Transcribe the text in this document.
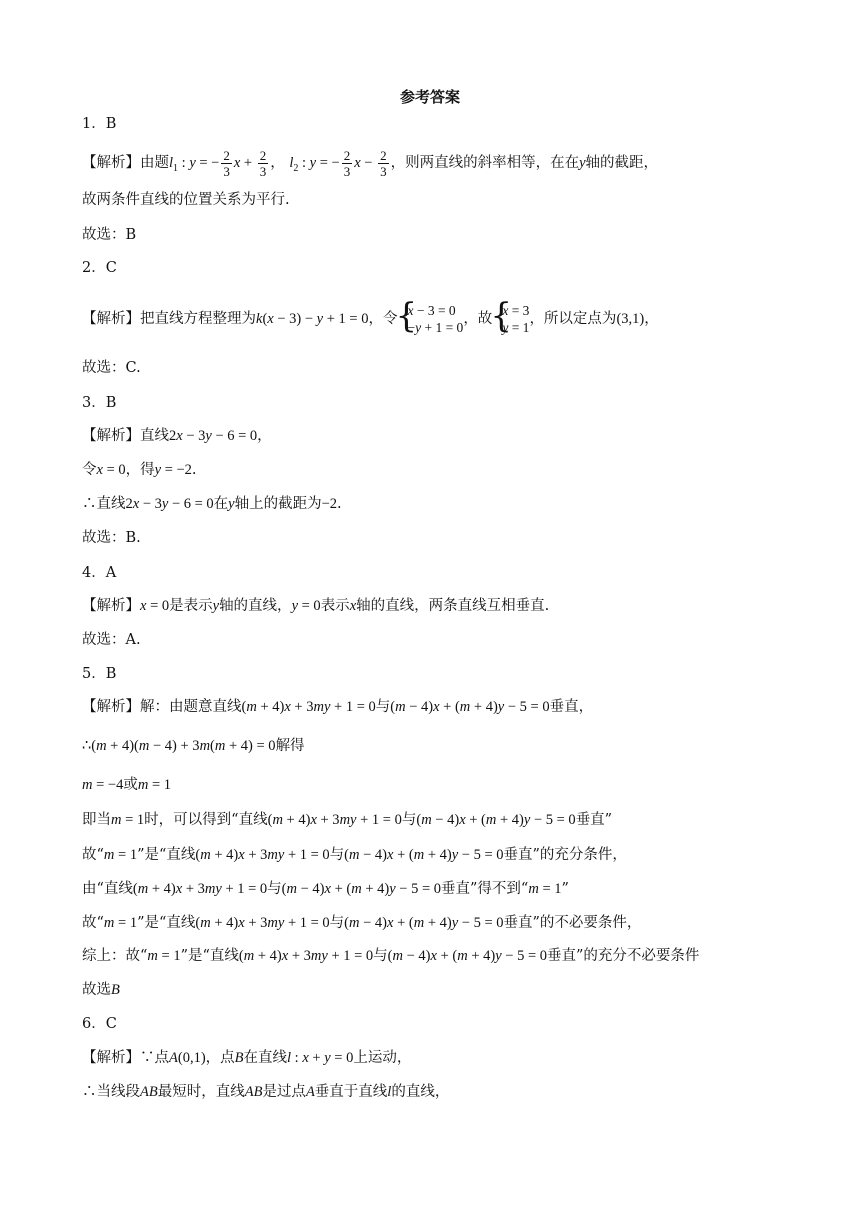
参考答案
1．B
【解析】由题$l_1$ : y = − $\frac{2}{3}$ $x + \frac{2}{3}$ ， $l_2$ : y = − $\frac{2}{3}$ $x - \frac{2}{3}$ ，则两直线的斜率相等，在在y轴的截距，
故两条件直线的位置关系为平行.
故选：B
2．C
【解析】把直线方程整理为k(x − 3) − y + 1 = 0，令
{ x − 3 = 0
−y + 1 = 0
，故
{ x = 3
y = 1
，所以定点为(3,1)，
故选：C.
3．B
【解析】直线2x − 3y − 6 = 0，
令x = 0，得y = −2.
∴直线2x − 3y − 6 = 0在y轴上的截距为−2.
故选：B.
4．A
【解析】x = 0是表示y轴的直线，y = 0表示x轴的直线，两条直线互相垂直.
故选：A.
5．B
【解析】解：由题意直线(m + 4)x + 3my + 1 = 0与(m − 4)x + (m + 4)y − 5 = 0垂直，
∴(m + 4)(m − 4) + 3m(m + 4) = 0解得
m = −4或m = 1
即当m = 1时，可以得到“直线(m + 4)x + 3my + 1 = 0与(m − 4)x + (m + 4)y − 5 = 0垂直”
故“m = 1”是“直线(m + 4)x + 3my + 1 = 0与(m − 4)x + (m + 4)y − 5 = 0垂直”的充分条件，
由“直线(m + 4)x + 3my + 1 = 0与(m − 4)x + (m + 4)y − 5 = 0垂直”得不到“m = 1”
故“m = 1”是“直线(m + 4)x + 3my + 1 = 0与(m − 4)x + (m + 4)y − 5 = 0垂直”的不必要条件，
综上：故“m = 1”是“直线(m + 4)x + 3my + 1 = 0与(m − 4)x + (m + 4)y − 5 = 0垂直”的充分不必要条件
故选B
6．C
【解析】∵点A(0,1)，点B在直线l : x + y = 0上运动，
∴当线段AB最短时，直线AB是过点A垂直于直线l的直线，
